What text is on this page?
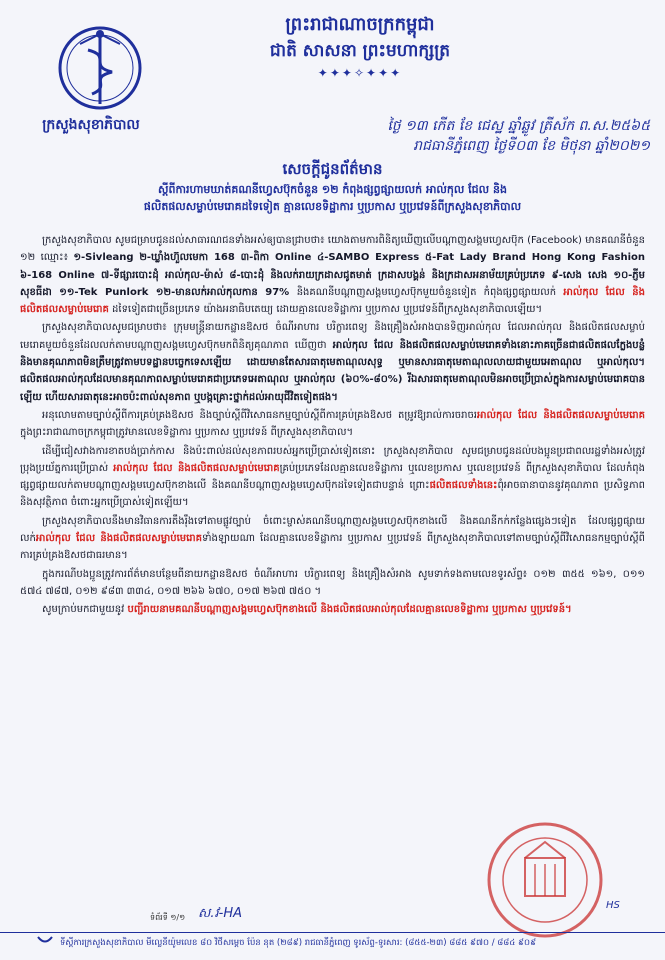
ព្រះរាជាណាចក្រកម្ពុជា
ជាតិ សាសនា ព្រះមហាក្សត្រ
✦✦✦✧✦✦✦
ក្រសួងសុខាភិបាល	ថ្ងៃ ១៣ កើត ខែ ជេស្ឋ ឆ្នាំឆ្លូវ ត្រីស័ក ព.ស.២៥៦៥
រាជធានីភ្នំពេញ ថ្ងៃទី០៣ ខែ មិថុនា ឆ្នាំ២០២១
សេចក្ដីជូនព័ត៌មាន
ស្ដីពីការហាមឃាត់គណនីហ្វេសប៊ុកចំនួន ១២ កំពុងផ្សព្វផ្សាយលក់ អាល់កុល ជែល និង
ផលិតផលសម្លាប់មេរោគដទៃទៀត គ្មានលេខទិដ្ឋាការ ឬប្រកាស ឬប្រវេទន៍ពីក្រសួងសុខាភិបាល

ក្រសួងសុខាភិបាល សូមជម្រាបជូនដល់សាធារណជនទាំងអស់ឲ្យបានជ្រាបថា៖ យោងតាមការពិនិត្យឃើញលើបណ្ដាញសង្គមហ្វេសប៊ុក (Facebook) មានគណនីចំនួន ១២ ឈ្មោះ៖ ១-Sivleang ២-ឃ្លាំងហ៊ួលមេកា 168 ៣-ពិកា Online ៤-SAMBO Express ៥-Fat Lady Brand Hong Kong Fashion ៦-168 Online ៧-ទីផ្សារបោះដុំ អាល់កុល-ម៉ាស់ ៨-បោះដុំ និងលក់រាយក្រដាសជូតមាត់ ក្រដាសបង្គន់ និងក្រដាសអនាម័យគ្រប់ប្រភេទ ៩-សេង សេង ១០-ភ្ញីម សុខធីដា ១១-Tek Punlork ១២-មានលក់អាល់កុលកាន ​97% និងគណនីបណ្ដាញសង្គមហ្វេសប៊ុកមួយចំនួនទៀត កំពុងផ្សព្វផ្សាយលក់ អាល់កុល ជែល និងផលិតផលសម្លាប់មេរោគ ដទៃទៀតជាច្រើនប្រភេទ យ៉ាងអនាធិបតេយ្យ ដោយគ្មានលេខទិដ្ឋាការ ឬប្រកាស ឬប្រវេទន៍ពីក្រសួងសុខាភិបាលឡើយ។

ក្រសួងសុខាភិបាលសូមជម្រាបថា៖ ក្រុមមន្ត្រីនាយកដ្ឋានឱសថ ចំណីអាហារ បរិក្ខារពេទ្យ និងគ្រឿងសំអាងបានទិញអាល់កុល ជែលអាល់កុល និងផលិតផលសម្លាប់មេរោគមួយចំនួនដែលលក់តាមបណ្ដាញសង្គមហ្វេសប៊ុកមកពិនិត្យគុណភាព ឃើញថា អាល់កុល ជែល និងផលិតផលសម្លាប់មេរោគទាំងនោះភាគច្រើនជាផលិតផលក្លែងបន្លំ និងមានគុណភាពមិនត្រឹមត្រូវតាមបទដ្ឋានបច្ចេកទេសឡើយ ដោយមានតែសារធាតុមេតាណុលសុទ្ធ ឬមានសារធាតុមេតាណុលលាយជាមួយអេតាណុល ឬអាល់កុល។ ផលិតផលអាល់កុលដែលមានគុណភាពសម្លាប់មេរោគជាប្រភេទអេតាណុល ឬអាល់កុល (៦០%-៨០%) រីឯសារធាតុមេតាណុលមិនអាចប្រើប្រាស់ក្នុងការសម្លាប់មេរោគបានឡើយ ហើយសារធាតុនេះអាចប៉ះពាល់សុខភាព ឬបង្កគ្រោះថ្នាក់ដល់អាយុជីវិតទៀតផង។

អនុលោមតាមច្បាប់ស្ដីពីការគ្រប់គ្រងឱសថ និងច្បាប់ស្ដីពីវិសោធនកម្មច្បាប់ស្ដីពីការគ្រប់គ្រងឱសថ តម្រូវឱ្យរាល់ការចរាចរអាល់កុល ជែល និងផលិតផលសម្លាប់មេរោគ ក្នុងព្រះរាជាណាចក្រកម្ពុជាត្រូវមានលេខទិដ្ឋាការ ឬប្រកាស ឬប្រវេទន៍ ពីក្រសួងសុខាភិបាល។

ដើម្បីជៀសវាងការខាតបង់ប្រាក់កាស និងប៉ះពាល់ដល់សុខភាពរបស់អ្នកប្រើប្រាស់ទៀតនោះ ក្រសួងសុខាភិបាល សូមជម្រាបជូនដល់បងប្អូនប្រជាពលរដ្ឋទាំងអស់ត្រូវប្រុងប្រយ័ត្នការប្រើប្រាស់ អាល់កុល ជែល និងផលិតផលសម្លាប់មេរោគគ្រប់ប្រភេទដែលគ្មានលេខទិដ្ឋាការ ឬលេខប្រកាស ឬលេខប្រវេទន៍ ពីក្រសួងសុខាភិបាល ដែលកំពុងផ្សព្វផ្សាយលក់តាមបណ្ដាញសង្គមហ្វេសប៊ុកខាងលើ និងគណនីបណ្ដាញសង្គមហ្វេសប៊ុកដទៃទៀតជាបន្ទាន់ ព្រោះផលិតផលទាំងនេះពុំអាចធានាបាននូវគុណភាព ប្រសិទ្ធភាព និងសុវត្ថិភាព ចំពោះអ្នកប្រើប្រាស់ទៀតឡើយ។

ក្រសួងសុខាភិបាលនឹងមានវិធានការតឹងរ៉ឹងទៅតាមផ្លូវច្បាប់ ចំពោះម្ចាស់គណនីបណ្ដាញសង្គមហ្វេសប៊ុកខាងលើ និងគណនីកក់កន្លែងផ្សេងៗទៀត ដែលផ្សព្វផ្សាយលក់អាល់កុល ជែល និងផលិតផលសម្លាប់មេរោគទាំងឡាយណា ដែលគ្មានលេខទិដ្ឋាការ ឬប្រកាស ឬប្រវេទន៍ ពីក្រសួងសុខាភិបាលទៅតាមច្បាប់ស្ដីពីវិសោធនកម្មច្បាប់ស្ដីពីការគ្រប់គ្រងឱសថជាធរមាន។

ក្នុងករណីបងប្អូនត្រូវការព័ត៌មានបន្ថែមពីនាយកដ្ឋានឱសថ ចំណីអាហារ បរិក្ខារពេទ្យ និងគ្រឿងសំអាង សូមទាក់ទងតាមលេខទូរស័ព្ទ៖ ០១២ ៣៥៥ ១៦១, ០១១ ៥៧៤ ៧៨៧, ០១២ ៩៨៣ ៣៣៤, ០១៧ ២៦៦ ៦៧០, ០១៧ ២៦៧ ៧៥០ ។

សូមក្រាប់មកជាមួយនូវ បញ្ជីរាយនាមគណនីបណ្ដាញសង្គមហ្វេសប៊ុកខាងលើ និងផលិតផលអាល់កុលដែលគ្មានលេខទិដ្ឋាការ ឬប្រកាស ឬប្រវេទន៍។

ទំព័រទី ១/១ ស.វ-HA
HS
ទីស្ដីការក្រសួងសុខាភិបាល មីល្លេនីយ៉ូមលេខ ៨០ វិថីសម្ដេច ប៉ែន នុត (២៨៩) រាជធានីភ្នំពេញ ទូរស័ព្ទ-ទូរសារ: (៨៥៥-២៣) ៨៨៥ ៩៧០ / ៨៨៤ ៩០៩
